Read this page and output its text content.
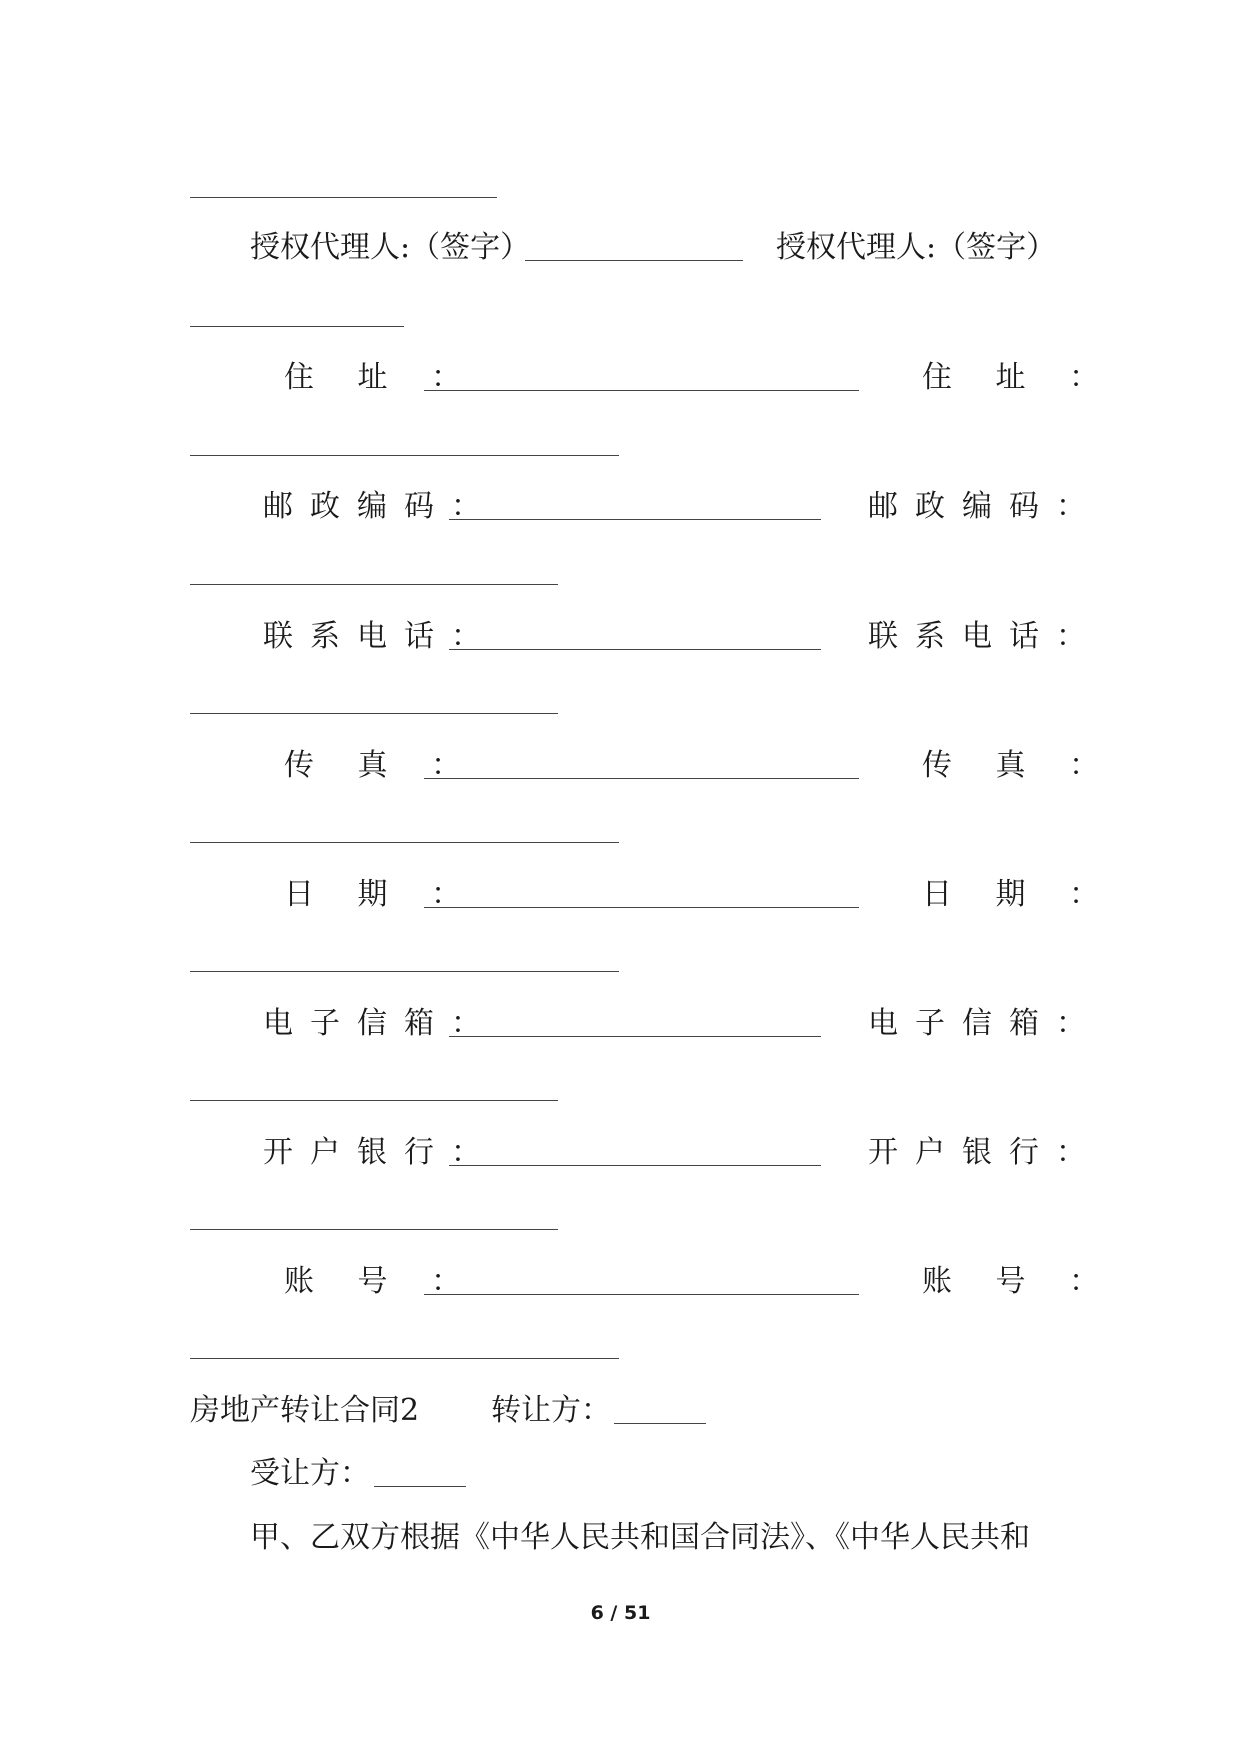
授权代理人:（签字）	授权代理人:（签字）
住 址 ：	住 址 ：
邮政编码：	邮政编码：
联系电话：	联系电话：
传 真 ：	传 真 ：
日 期 ：	日 期 ：
电子信箱：	电子信箱：
开户银行：	开户银行：
账 号 ：	账 号 ：
房地产转让合同2 转让方：
受让方：
甲、乙双方根据《中华人民共和国合同法》、《中华人民共和
6 / 51
